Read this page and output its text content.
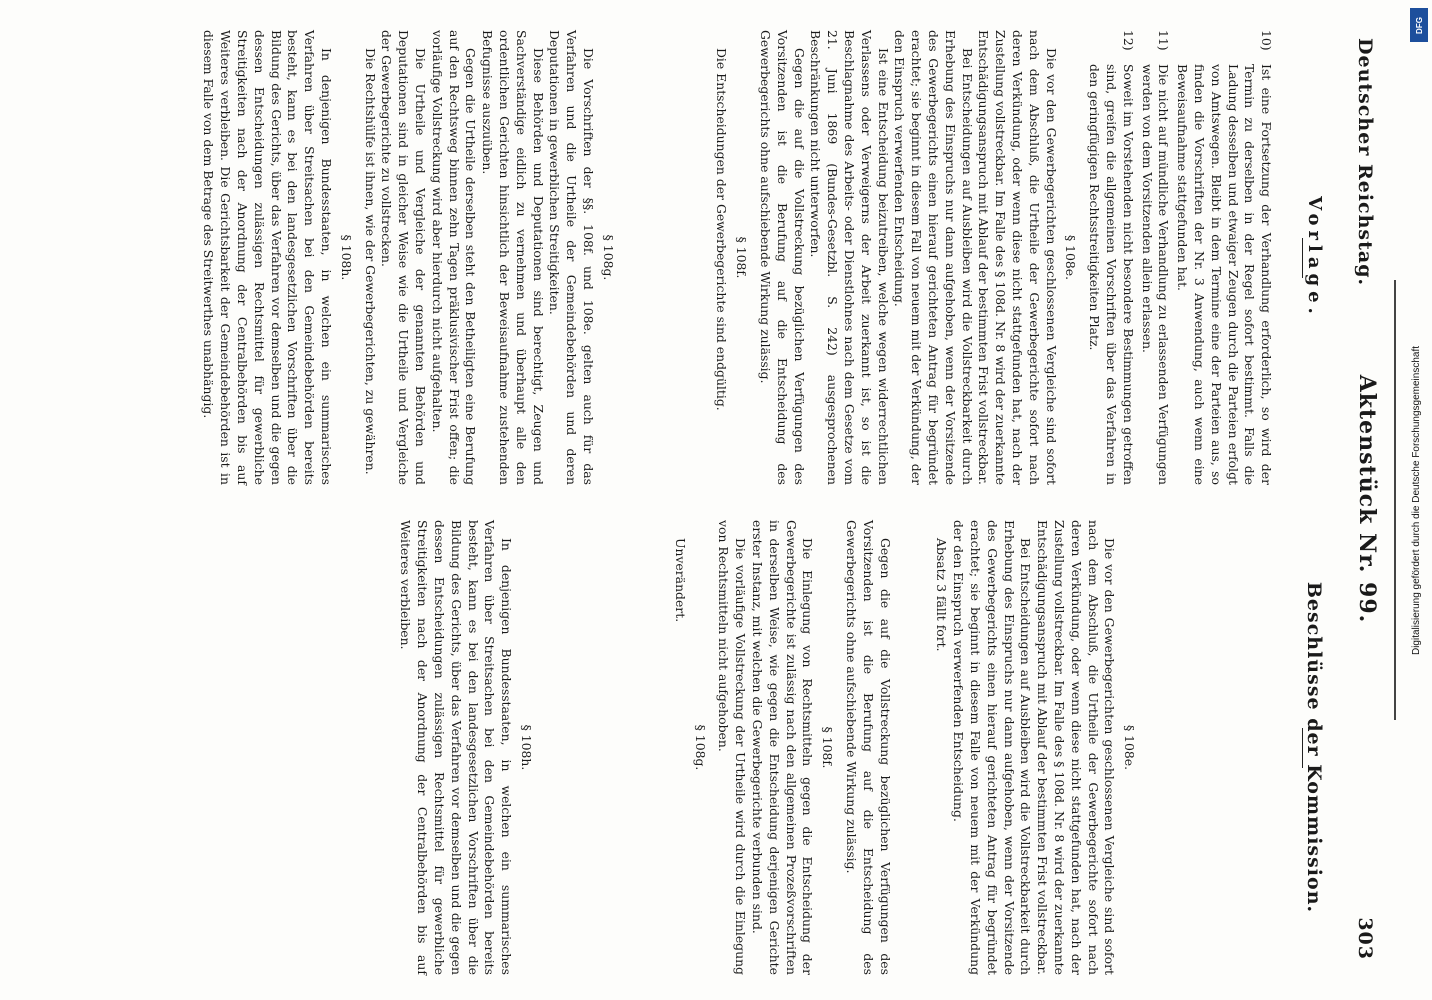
Deutscher Reichstag.
Aktenstück Nr. 99.
303
Vorlage.
10)
Ist eine Fortsetzung der Verhandlung erforderlich, so wird der Termin zu derselben in der Regel sofort bestimmt. Falls die Ladung desselben und etwaiger Zeugen durch die Parteien erfolgt von Amtswegen. Bleibt in dem Termine eine der Parteien aus, so finden die Vorschriften der Nr. 3 Anwendung, auch wenn eine Beweisaufnahme stattgefunden hat.
11)
Die nicht auf mündliche Verhandlung zu erlassenden Verfügungen werden von dem Vorsitzenden allein erlassen.
12)
Soweit im Vorstehenden nicht besondere Bestimmungen getroffen sind, greifen die allgemeinen Vorschriften über das Verfahren in den geringfügigen Rechtsstreitigkeiten Platz.
§ 108e.

Die vor den Gewerbegerichten geschlossenen Vergleiche sind sofort nach dem Abschluß, die Urtheile der Gewerbegerichte sofort nach deren Verkündung, oder wenn diese nicht stattgefunden hat, nach der Zustellung vollstreckbar. Im Falle des § 108d. Nr. 8 wird der zuerkannte Entschädigungsanspruch mit Ablauf der bestimmten Frist vollstreckbar.

Bei Entscheidungen auf Ausbleiben wird die Vollstreckbarkeit durch Erhebung des Einspruchs nur dann aufgehoben, wenn der Vorsitzende des Gewerbegerichts einen hierauf gerichteten Antrag für begründet erachtet; sie beginnt in diesem Fall von neuem mit der Verkündung, der den Einspruch verwerfenden Entscheidung.

Ist eine Entscheidung beizutreiben, welche wegen widerrechtlichen Verlassens oder Verweigerns der Arbeit zuerkannt ist, so ist die Beschlagnahme des Arbeits- oder Dienstlohnes nach dem Gesetze vom 21. Juni 1869 (Bundes-Gesetzbl. S. 242) ausgesprochenen Beschränkungen nicht unterworfen.

Gegen die auf die Vollstreckung bezüglichen Verfügungen des Vorsitzenden ist die Berufung auf die Entscheidung des Gewerbegerichts ohne aufschiebende Wirkung zulässig.

§ 108f.

Die Entscheidungen der Gewerbegerichte sind endgültig.

§ 108g.

Die Vorschriften der §§. 108f. und 108e. gelten auch für das Verfahren und die Urtheile der Gemeindebehörden und deren Deputationen in gewerblichen Streitigkeiten.

Diese Behörden und Deputationen sind berechtigt, Zeugen und Sachverständige eidlich zu vernehmen und überhaupt alle den ordentlichen Gerichten hinsichtlich der Beweisaufnahme zustehenden Befugnisse auszuüben.

Gegen die Urtheile derselben steht den Betheiligten eine Berufung auf den Rechtsweg binnen zehn Tagen präklusivischer Frist offen; die vorläufige Vollstreckung wird aber hierdurch nicht aufgehalten.

Die Urtheile und Vergleiche der genannten Behörden und Deputationen sind in gleicher Weise wie die Urtheile und Vergleiche der Gewerbegerichte zu vollstrecken.

Die Rechtshülfe ist ihnen, wie der Gewerbegerichten, zu gewähren.

§ 108h.

In denjenigen Bundesstaaten, in welchen ein summarisches Verfahren über Streitsachen bei den Gemeindebehörden bereits besteht, kann es bei den landesgesetzlichen Vorschriften über die Bildung des Gerichts, über das Verfahren vor demselben und die gegen dessen Entscheidungen zulässigen Rechtsmittel für gewerbliche Streitigkeiten nach der Anordnung der Centralbehörden bis auf Weiteres verbleiben. Die Gerichtsbarkeit der Gemeindebehörden ist in diesem Falle von dem Betrage des Streitwerthes unabhängig.

Beschlüsse der Kommission.
§ 108e.

Die vor den Gewerbegerichten geschlossenen Vergleiche sind sofort nach dem Abschluß, die Urtheile der Gewerbegerichte sofort nach deren Verkündung, oder wenn diese nicht stattgefunden hat, nach der Zustellung vollstreckbar. Im Falle des § 108d. Nr. 8 wird der zuerkannte Entschädigungsanspruch mit Ablauf der bestimmten Frist vollstreckbar.

Bei Entscheidungen auf Ausbleiben wird die Vollstreckbarkeit durch Erhebung des Einspruchs nur dann aufgehoben, wenn der Vorsitzende des Gewerbegerichts einen hierauf gerichteten Antrag für begründet erachtet; sie beginnt in diesem Falle von neuem mit der Verkündung der den Einspruch verwerfenden Entscheidung.

Absatz 3 fällt fort.

Gegen die auf die Vollstreckung bezüglichen Verfügungen des Vorsitzenden ist die Berufung auf die Entscheidung des Gewerbegerichts ohne aufschiebende Wirkung zulässig.

§ 108f.

Die Einlegung von Rechtsmitteln gegen die Entscheidung der Gewerbegerichte ist zulässig nach den allgemeinen Prozeßvorschriften in derselben Weise, wie gegen die Entscheidung derjenigen Gerichte erster Instanz, mit welchen die Gewerbegerichte verbunden sind.

Die vorläufige Vollstreckung der Urtheile wird durch die Einlegung von Rechtsmitteln nicht aufgehoben.

§ 108g.

Unverändert.

§ 108h.

In denjenigen Bundesstaaten, in welchen ein summarisches Verfahren über Streitsachen bei den Gemeindebehörden bereits besteht, kann es bei den landesgesetzlichen Vorschriften über die Bildung des Gerichts, über das Verfahren vor demselben und die gegen dessen Entscheidungen zulässigen Rechtsmittel für gewerbliche Streitigkeiten nach der Anordnung der Centralbehörden bis auf Weiteres verbleiben.

DFG
Digitalisierung gefördert durch die Deutsche Forschungsgemeinschaft
